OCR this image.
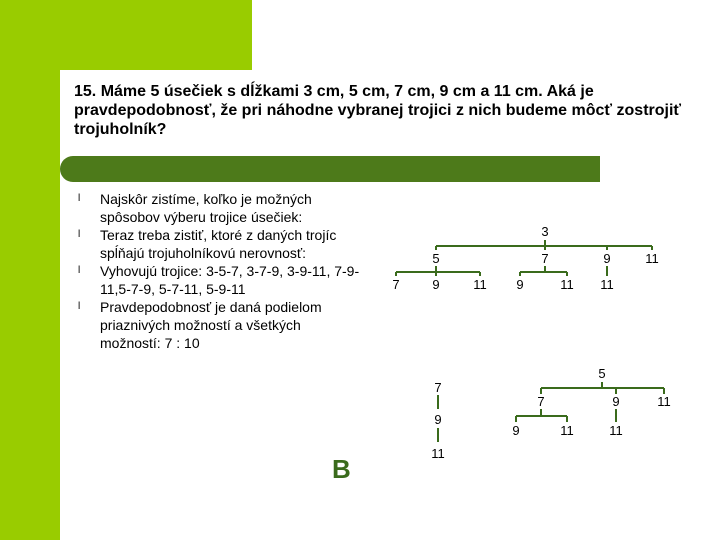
15. Máme 5 úsečiek s dĺžkami 3 cm, 5 cm, 7 cm, 9 cm a 11 cm. Aká je pravdepodobnosť, že pri náhodne vybranej trojici z nich budeme môcť zostrojiť trojuholník?

l Najskôr zistíme, koľko je možných spôsobov výberu trojice úsečiek:
l Teraz treba zistiť, ktoré z daných trojíc spĺňajú trojuholníkovú nerovnosť:
l Vyhovujú trojice: 3-5-7, 3-7-9, 3-9-11, 7-9-11,5-7-9, 5-7-11, 5-9-11
l Pravdepodobnosť je daná podielom priaznivých možností a všetkých možností: 7 : 10
B
3
5	7	9	11
7	9	11 9	11 11
5
7	9	11
9	11	11
7
9
11
